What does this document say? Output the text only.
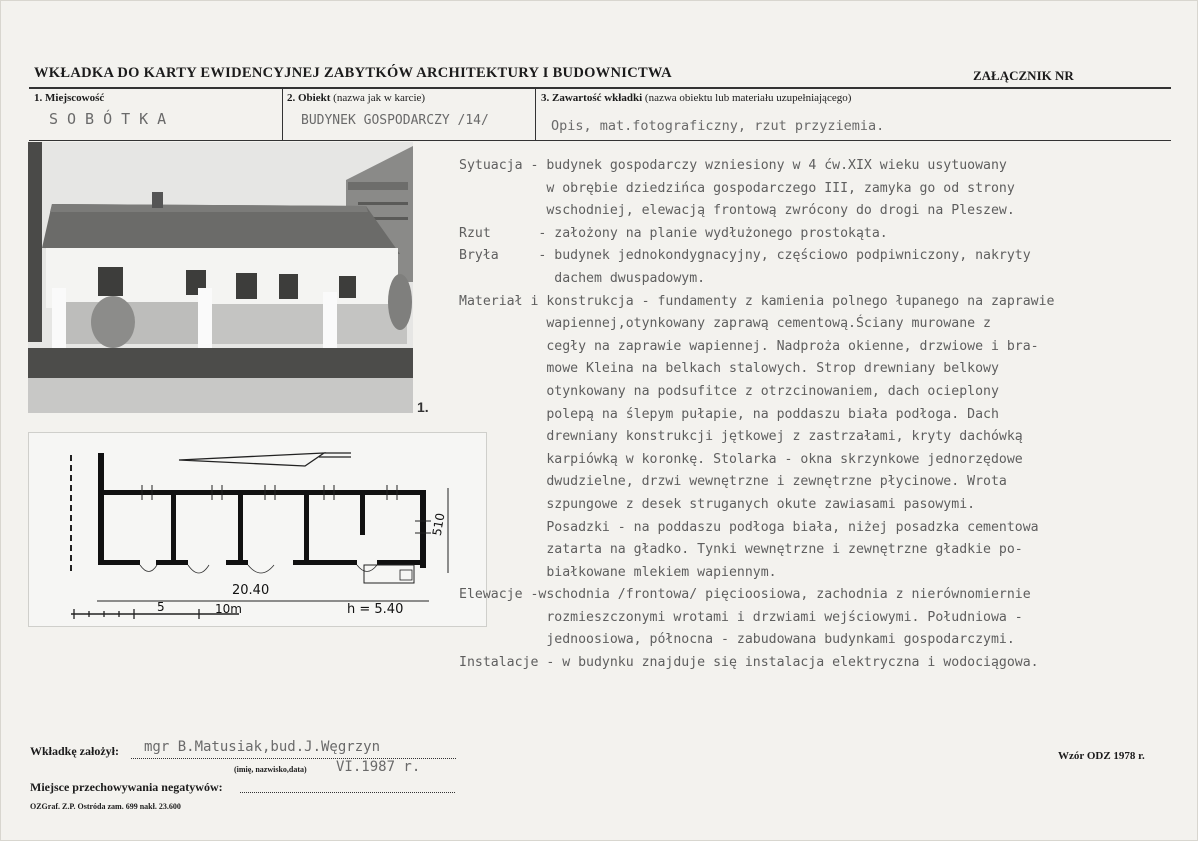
WKŁADKA DO KARTY EWIDENCYJNEJ ZABYTKÓW ARCHITEKTURY I BUDOWNICTWA	ZAŁĄCZNIK NR
1. Miejscowość
SOBÓTKA
2. Obiekt (nazwa jak w karcie)
BUDYNEK GOSPODARCZY /14/
3. Zawartość wkładki (nazwa obiektu lub materiału uzupełniającego)
Opis, mat.fotograficzny, rzut przyziemia.
1.
510
20.40
5	10m	h = 5.40
Sytuacja - budynek gospodarczy wzniesiony w 4 ćw.XIX wieku usytuowany
w obrębie dziedzińca gospodarczego III, zamyka go od strony
wschodniej, elewacją frontową zwrócony do drogi na Pleszew.
Rzut      - założony na planie wydłużonego prostokąta.
Bryła     - budynek jednokondygnacyjny, częściowo podpiwniczony, nakryty
dachem dwuspadowym.
Materiał i konstrukcja - fundamenty z kamienia polnego łupanego na zaprawie
wapiennej,otynkowany zaprawą cementową.Ściany murowane z
cegły na zaprawie wapiennej. Nadproża okienne, drzwiowe i bra-
mowe Kleina na belkach stalowych. Strop drewniany belkowy
otynkowany na podsufitce z otrzcinowaniem, dach ocieplony
polepą na ślepym pułapie, na poddaszu biała podłoga. Dach
drewniany konstrukcji jętkowej z zastrzałami, kryty dachówką
karpiówką w koronkę. Stolarka - okna skrzynkowe jednorzędowe
dwudzielne, drzwi wewnętrzne i zewnętrzne płycinowe. Wrota
szpungowe z desek struganych okute zawiasami pasowymi.
Posadzki - na poddaszu podłoga biała, niżej posadzka cementowa
zatarta na gładko. Tynki wewnętrzne i zewnętrzne gładkie po-
białkowane mlekiem wapiennym.
Elewacje -wschodnia /frontowa/ pięcioosiowa, zachodnia z nierównomiernie
rozmieszczonymi wrotami i drzwiami wejściowymi. Południowa -
jednoosiowa, północna - zabudowana budynkami gospodarczymi.
Instalacje - w budynku znajduje się instalacja elektryczna i wodociągowa.
Wkładkę założył: mgr B.Matusiak,bud.J.Węgrzyn
(imię, nazwisko,data) VI.1987 r.
Miejsce przechowywania negatywów:
OZGraf. Z.P. Ostróda zam. 699 nakł. 23.600
Wzór ODZ 1978 r.
